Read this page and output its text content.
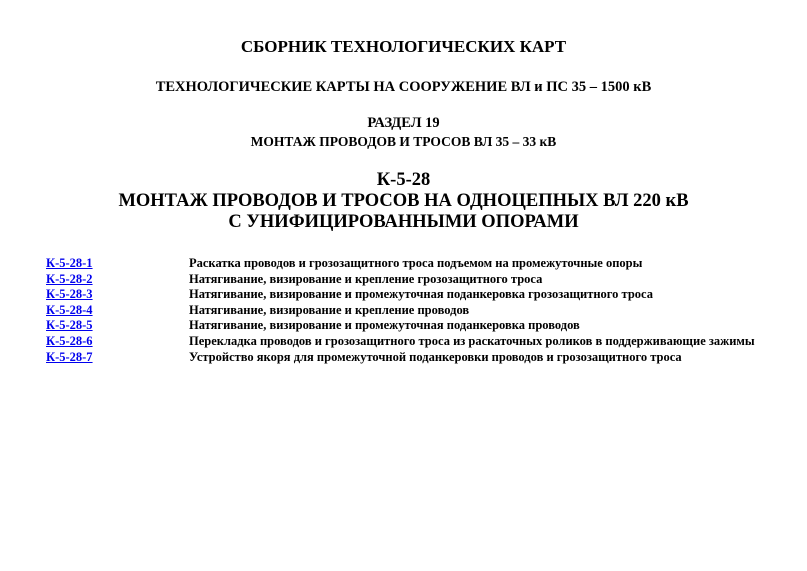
СБОРНИК ТЕХНОЛОГИЧЕСКИХ КАРТ
ТЕХНОЛОГИЧЕСКИЕ КАРТЫ НА СООРУЖЕНИЕ ВЛ и ПС 35 – 1500 кВ
РАЗДЕЛ 19
МОНТАЖ ПРОВОДОВ И ТРОСОВ ВЛ 35 – 33 кВ
К-5-28
МОНТАЖ ПРОВОДОВ И ТРОСОВ НА ОДНОЦЕПНЫХ ВЛ 220 кВ
С УНИФИЦИРОВАННЫМИ ОПОРАМИ
К-5-28-1	Раскатка проводов и грозозащитного троса подъемом на промежуточные опоры
К-5-28-2	Натягивание, визирование и крепление грозозащитного троса
К-5-28-3	Натягивание, визирование и промежуточная поданкеровка грозозащитного троса
К-5-28-4	Натягивание, визирование и крепление проводов
К-5-28-5	Натягивание, визирование и промежуточная поданкеровка проводов
К-5-28-6	Перекладка проводов и грозозащитного троса из раскаточных роликов в поддерживающие зажимы
К-5-28-7	Устройство якоря для промежуточной поданкеровки проводов и грозозащитного троса
